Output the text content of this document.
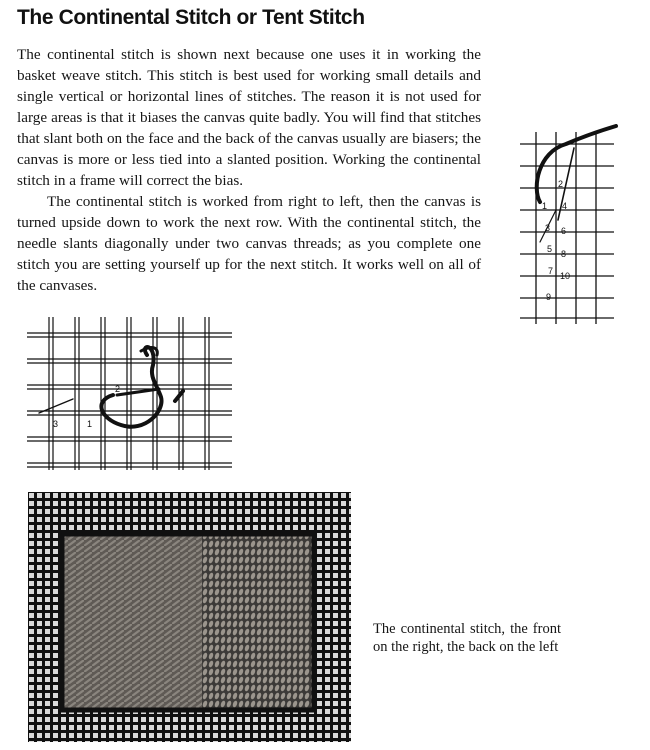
The Continental Stitch or Tent Stitch

The continental stitch is shown next because one uses it in working the basket weave stitch. This stitch is best used for working small details and single vertical or horizontal lines of stitches. The reason it is not used for large areas is that it biases the canvas quite badly. You will find that stitches that slant both on the face and the back of the canvas usually are biasers; the canvas is more or less tied into a slanted position. Working the continental stitch in a frame will correct the bias.

The continental stitch is worked from right to left, then the canvas is turned upside down to work the next row. With the continental stitch, the needle slants diagonally under two canvas threads; as you complete one stitch you are setting yourself up for the next stitch. It works well on all of the canvases.

2
1 4
3 6
5 8
7 10
9
2
3	1
The continental stitch, the front on the right, the back on the left
